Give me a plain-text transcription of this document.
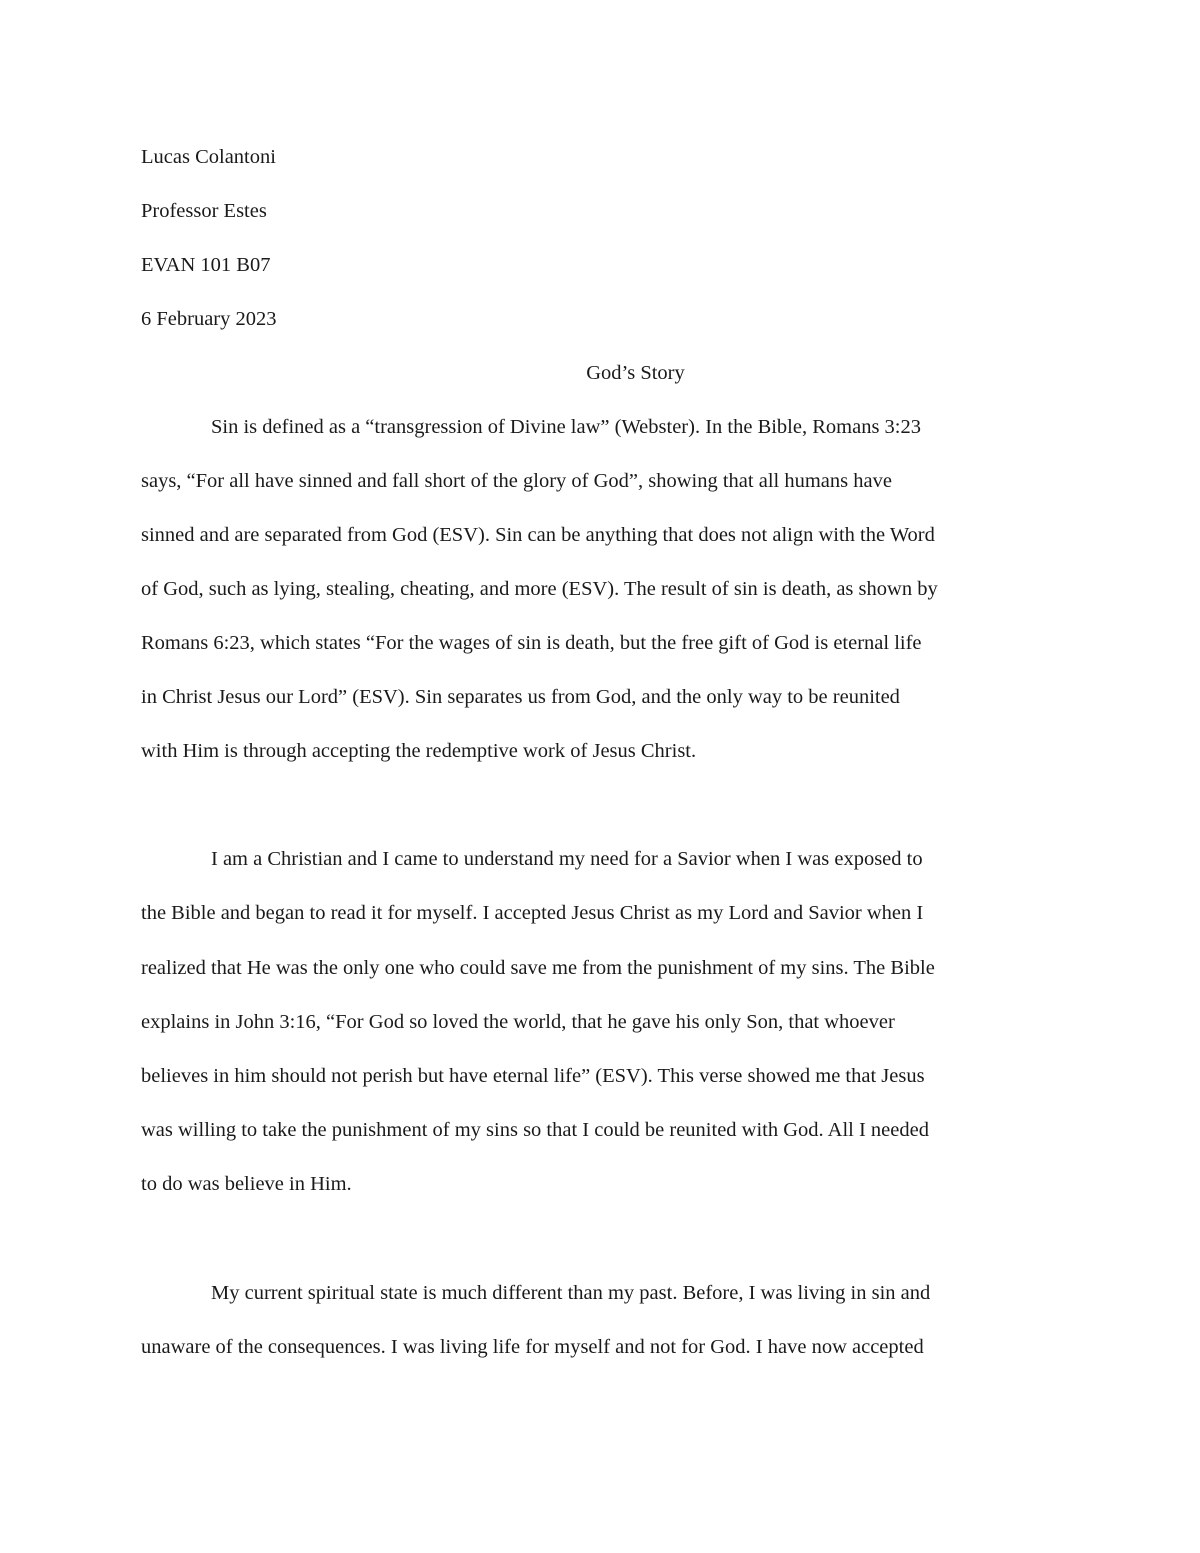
Lucas Colantoni

Professor Estes

EVAN 101 B07

6 February 2023

God’s Story

Sin is defined as a “transgression of Divine law” (Webster). In the Bible, Romans 3:23

says, “For all have sinned and fall short of the glory of God”, showing that all humans have

sinned and are separated from God (ESV). Sin can be anything that does not align with the Word

of God, such as lying, stealing, cheating, and more (ESV). The result of sin is death, as shown by

Romans 6:23, which states “For the wages of sin is death, but the free gift of God is eternal life

in Christ Jesus our Lord” (ESV). Sin separates us from God, and the only way to be reunited

with Him is through accepting the redemptive work of Jesus Christ.

I am a Christian and I came to understand my need for a Savior when I was exposed to

the Bible and began to read it for myself. I accepted Jesus Christ as my Lord and Savior when I

realized that He was the only one who could save me from the punishment of my sins. The Bible

explains in John 3:16, “For God so loved the world, that he gave his only Son, that whoever

believes in him should not perish but have eternal life” (ESV). This verse showed me that Jesus

was willing to take the punishment of my sins so that I could be reunited with God. All I needed

to do was believe in Him.

My current spiritual state is much different than my past. Before, I was living in sin and

unaware of the consequences. I was living life for myself and not for God. I have now accepted
